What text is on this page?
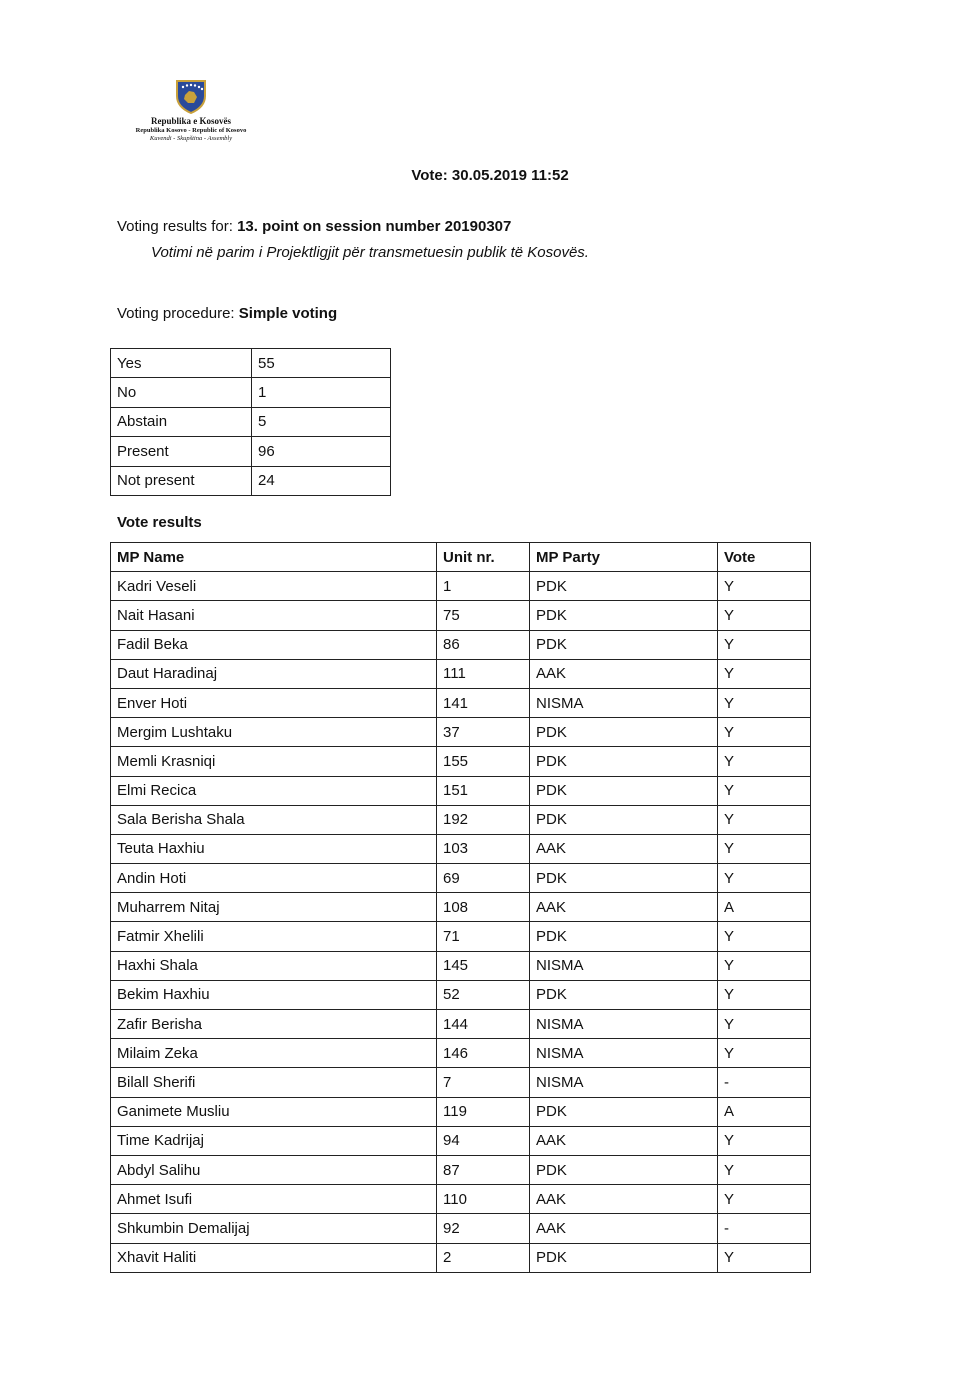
Republika e Kosovës
Republika Kosovo - Republic of Kosovo
Kuvendi - Skupština - Assembly
Vote: 30.05.2019 11:52
Voting results for: 13. point on session number 20190307
Votimi në parim i Projektligjit për transmetuesin publik të Kosovës.
Voting procedure: Simple voting
Yes	55
No	1
Abstain	5
Present	96
Not present	24
Vote results
MP Name	Unit nr.	MP Party	Vote
Kadri Veseli	1	PDK	Y
Nait Hasani	75	PDK	Y
Fadil Beka	86	PDK	Y
Daut Haradinaj	111	AAK	Y
Enver Hoti	141	NISMA	Y
Mergim Lushtaku	37	PDK	Y
Memli Krasniqi	155	PDK	Y
Elmi Recica	151	PDK	Y
Sala Berisha Shala	192	PDK	Y
Teuta Haxhiu	103	AAK	Y
Andin Hoti	69	PDK	Y
Muharrem Nitaj	108	AAK	A
Fatmir Xhelili	71	PDK	Y
Haxhi Shala	145	NISMA	Y
Bekim Haxhiu	52	PDK	Y
Zafir Berisha	144	NISMA	Y
Milaim Zeka	146	NISMA	Y
Bilall Sherifi	7	NISMA	-
Ganimete Musliu	119	PDK	A
Time Kadrijaj	94	AAK	Y
Abdyl Salihu	87	PDK	Y
Ahmet Isufi	110	AAK	Y
Shkumbin Demalijaj	92	AAK	-
Xhavit Haliti	2	PDK	Y
